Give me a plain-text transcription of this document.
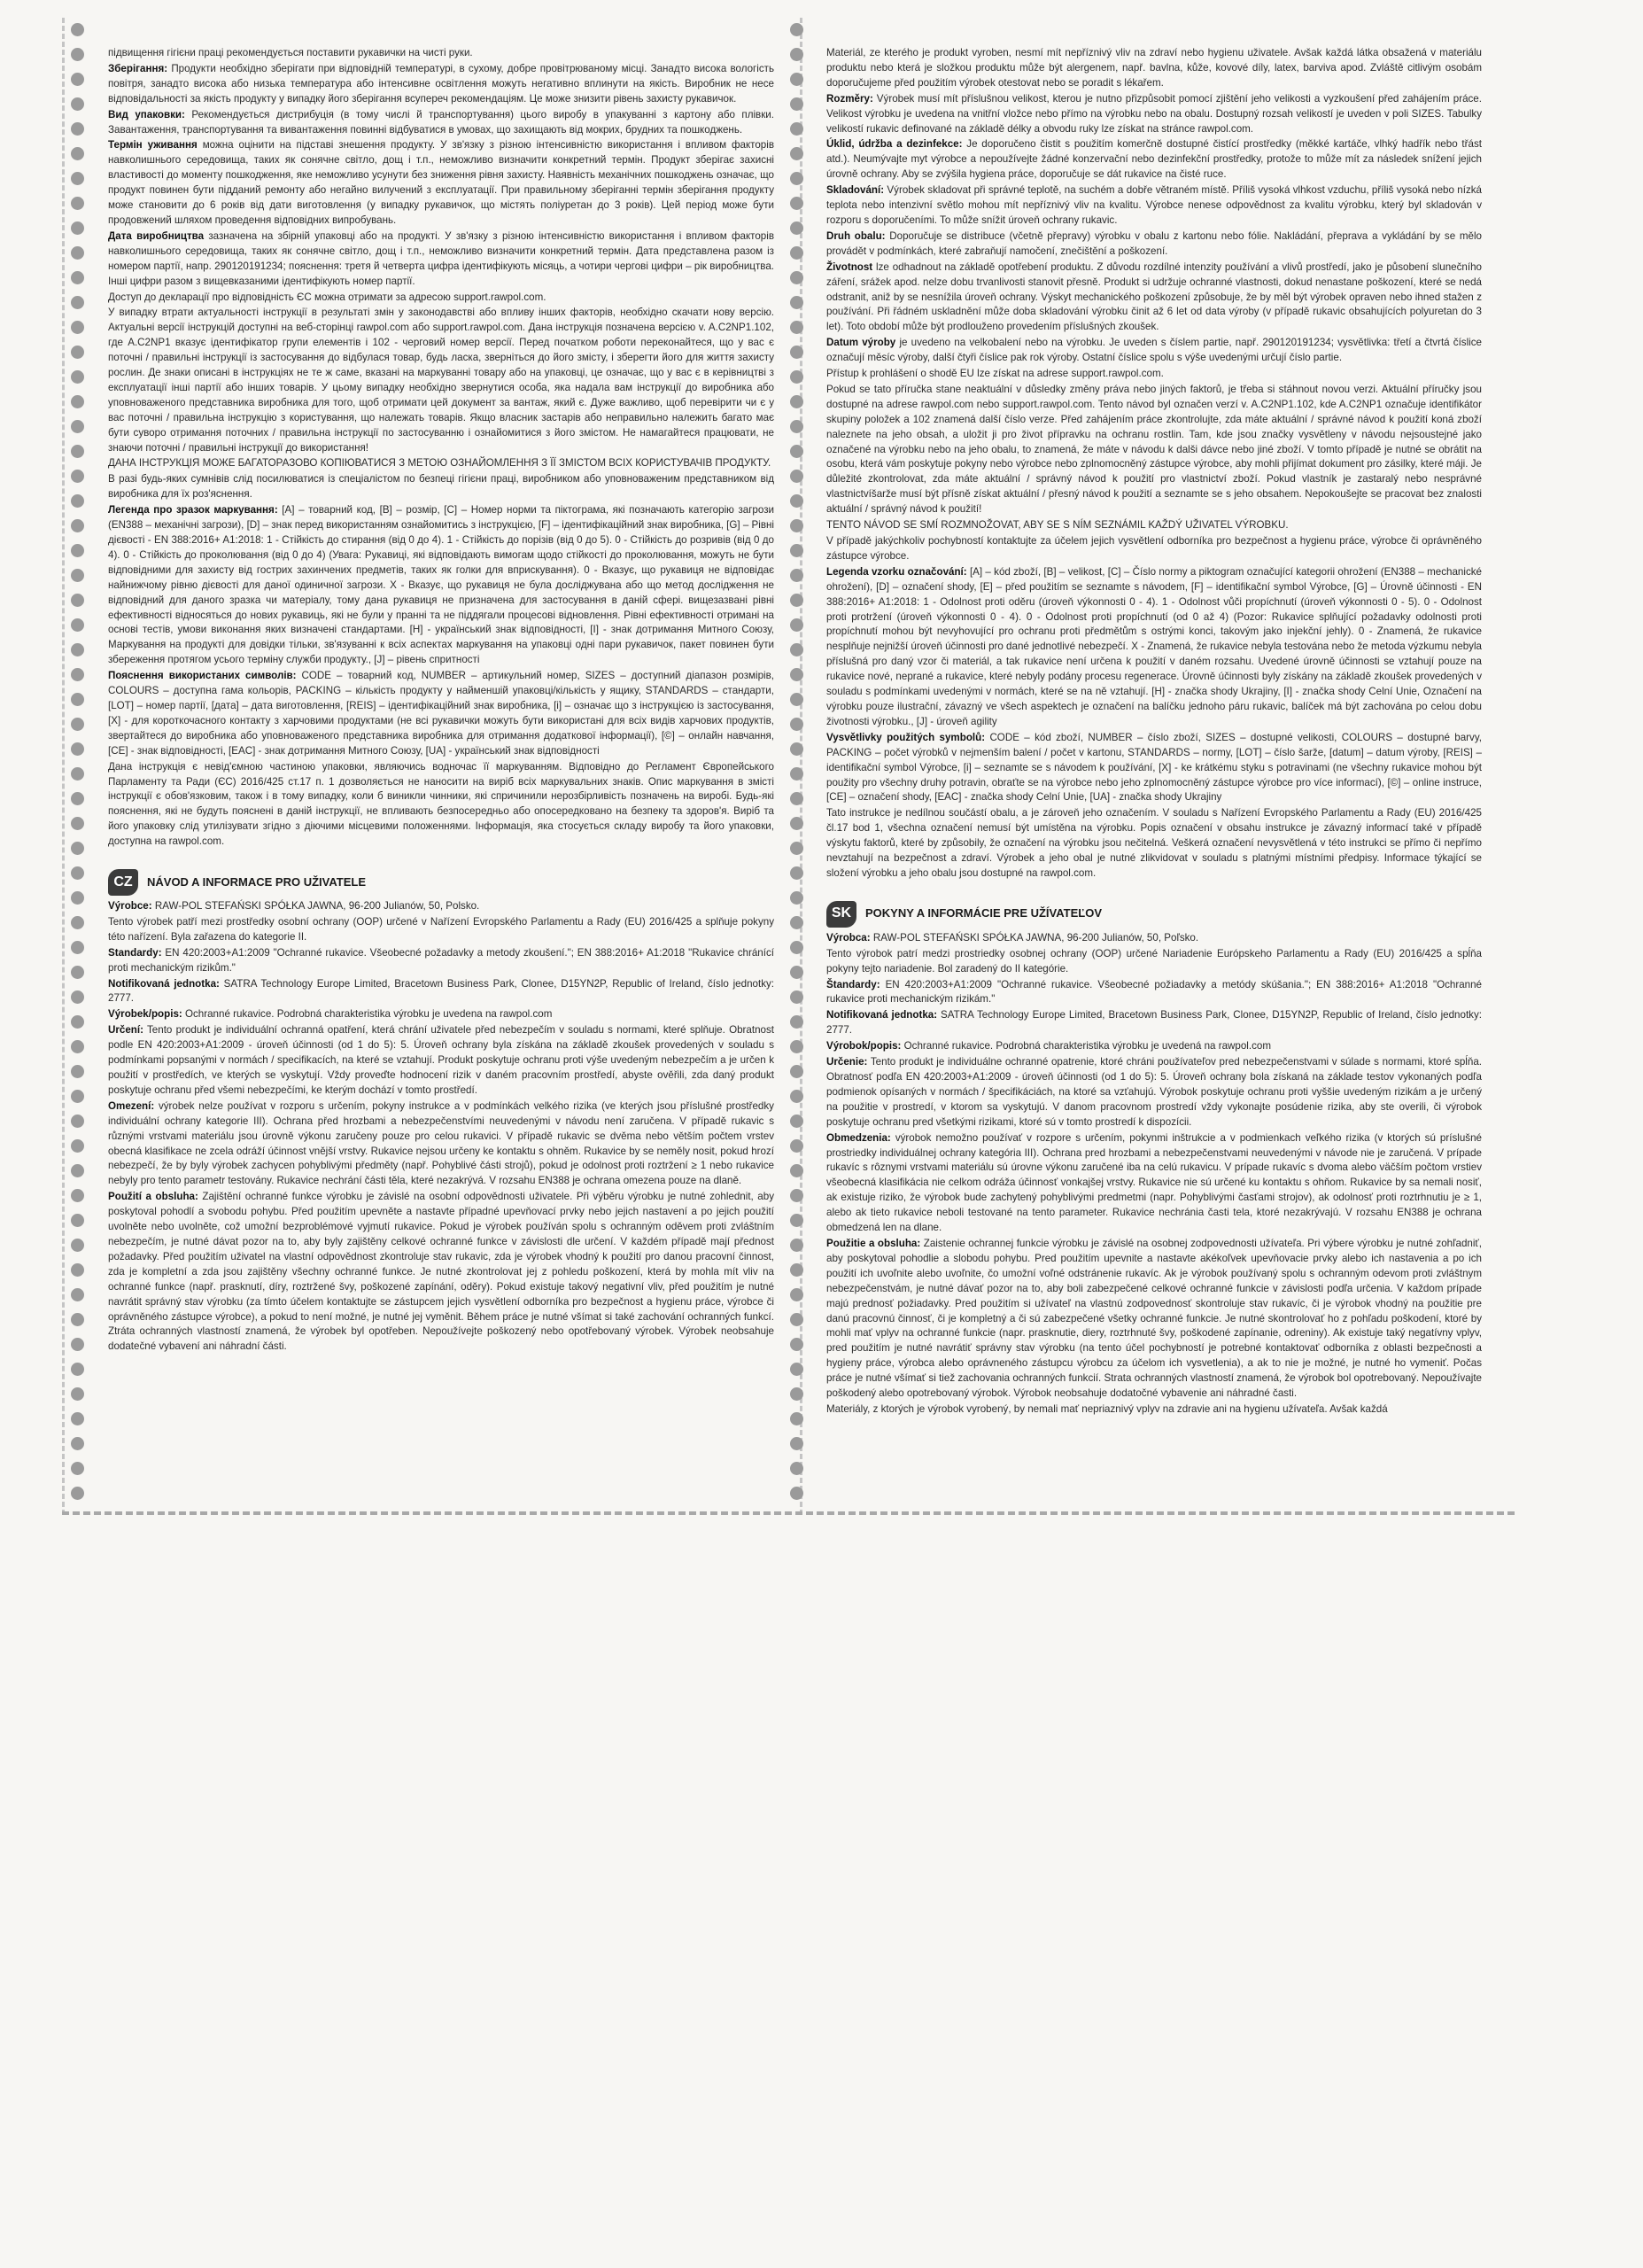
підвищення гігієни праці рекомендується поставити рукавички на чисті руки.

Зберігання: Продукти необхідно зберігати при відповідній температурі, в сухому, добре провітрюваному місці. Занадто висока вологість повітря, занадто висока або низька температура або інтенсивне освітлення можуть негативно вплинути на якість. Виробник не несе відповідальності за якість продукту у випадку його зберігання всупереч рекомендаціям. Це може знизити рівень захисту рукавичок.

Вид упаковки: Рекомендується дистрибуція (в тому числі й транспортування) цього виробу в упакуванні з картону або плівки. Завантаження, транспортування та вивантаження повинні відбуватися в умовах, що захищають від мокрих, брудних та пошкоджень.

Термін уживання можна оцінити на підставі знешення продукту. У зв'язку з різною інтенсивністю використання і впливом факторів навколишнього середовища, таких як сонячне світло, дощ і т.п., неможливо визначити конкретний термін. Продукт зберігає захисні властивості до моменту пошкодження, яке неможливо усунути без зниження рівня захисту. Наявність механічних пошкоджень означає, що продукт повинен бути підданий ремонту або негайно вилучений з експлуатації. При правильному зберіганні термін зберігання продукту може становити до 6 років від дати виготовлення (у випадку рукавичок, що містять поліуретан до 3 років). Цей період може бути продовжений шляхом проведення відповідних випробувань.

Дата виробництва зазначена на збірній упаковці або на продукті. У зв'язку з різною інтенсивністю використання і впливом факторів навколишнього середовища, таких як сонячне світло, дощ і т.п., неможливо визначити конкретний термін. Дата представлена разом із номером партії, напр. 290120191234; пояснення: третя й четверта цифра ідентифікують місяць, а чотири чергові цифри – рік виробництва. Інші цифри разом з вищевказаними ідентифікують номер партії.

Доступ до декларації про відповідність ЄС можна отримати за адресою support.rawpol.com.

У випадку втрати актуальності інструкції в результаті змін у законодавстві або впливу інших факторів, необхідно скачати нову версію. Актуальні версії інструкцій доступні на веб-сторінці rawpol.com або support.rawpol.com. Дана інструкція позначена версією v. A.C2NP1.102, где A.C2NP1 вказує ідентифікатор групи елементів і 102 - черговий номер версії. Перед початком роботи переконайтеся, що у вас є поточні / правильні інструкції із застосування до відбулася товар, будь ласка, зверніться до його змісту, і зберегти його для життя захисту рослин. Де знаки описані в інструкціях не те ж саме, вказані на маркуванні товару або на упаковці, це означає, що у вас є в керівництві з експлуатації інші партії або інших товарів. У цьому випадку необхідно звернутися особа, яка надала вам інструкції до виробника або уповноваженого представника виробника для того, щоб отримати цей документ за вантаж, який є. Дуже важливо, щоб перевірити чи є у вас поточні / правильна інструкцію з користування, що належать товарів. Якщо власник застарів або неправильно належить багато має бути суворо отримання поточних / правильна інструкції по застосуванню і ознайомитися з його змістом. Не намагайтеся працювати, не знаючи поточні / правильні інструкції до використання!

ДАНА ІНСТРУКЦІЯ МОЖЕ БАГАТОРАЗОВО КОПІЮВАТИСЯ З МЕТОЮ ОЗНАЙОМЛЕННЯ З ЇЇ ЗМІСТОМ ВСІХ КОРИСТУВАЧІВ ПРОДУКТУ.

В разі будь-яких сумнівів слід посилюватися із спеціалістом по безпеці гігієни праці, виробником або уповноваженим представником від виробника для їх роз'яснення.

Легенда про зразок маркування: [A] – товарний код, [B] – розмір, [C] – Номер норми та піктограма, які позначають категорію загрози (EN388 – механічні загрози), [D] – знак перед використанням ознайомитись з інструкцією, [F] – ідентифікаційний знак виробника, [G] – Рівні дієвості - EN 388:2016+ A1:2018: 1 - Стійкість до стирання (від 0 до 4). 1 - Стійкість до порізів (від 0 до 5). 0 - Стійкість до розривів (від 0 до 4). 0 - Стійкість до проколювання (від 0 до 4) (Увага: Рукавиці, які відповідають вимогам щодо стійкості до проколювання, можуть не бути відповідними для захисту від гострих захинчених предметів, таких як голки для вприскування). 0 - Вказує, що рукавиця не відповідає найнижчому рівню дієвості для даної одиничної загрози. X - Вказує, що рукавиця не була досліджувана або що метод дослідження не відповідний для даного зразка чи матеріалу, тому дана рукавиця не призначена для застосування в даній сфері. вищезазвані рівні ефективності відносяться до нових рукавиць, які не були у пранні та не піддягали процесові відновлення. Рівні ефективності отримані на основі тестів, умови виконання яких визначені стандартами. [H] - український знак відповідності, [I] - знак дотримання Митного Союзу, Маркування на продукті для довідки тільки, зв'язуванні к всіх аспектах маркування на упаковці одні пари рукавичок, пакет повинен бути збереження протягом усього терміну служби продукту., [J] – рівень спритності

Пояснення використаних символів: CODE – товарний код, NUMBER – артикульний номер, SIZES – доступний діапазон розмірів, COLOURS – доступна гама кольорів, PACKING – кількість продукту у найменшій упаковці/кількість у ящику, STANDARDS – стандарти, [LOT] – номер партії, [дата] – дата виготовлення, [REIS] – ідентифікаційний знак виробника, [i] – означає що з інструкцією із застосування, [X] - для короткочасного контакту з харчовими продуктами (не всі рукавички можуть бути використані для всіх видів харчових продуктів, звертайтеся до виробника або уповноваженого представника виробника для отримання додаткової інформації), [©] – онлайн навчання, [CE] - знак відповідності, [EAC] - знак дотримання Митного Союзу, [UA] - український знак відповідності

Дана інструкція є невід'ємною частиною упаковки, являючись водночас її маркуванням. Відповідно до Регламент Європейського Парламенту та Ради (ЄС) 2016/425 ст.17 п. 1 дозволяється не наносити на виріб всіх маркувальних знаків. Опис маркування в змісті інструкції є обов'язковим, також і в тому випадку, коли б виникли чинники, які спричинили нерозбірливість позначень на виробі. Будь-які пояснення, які не будуть пояснені в даній інструкції, не впливають безпосередньо або опосередковано на безпеку та здоров'я. Виріб та його упаковку слід утилізувати згідно з діючими місцевими положеннями. Інформація, яка стосується складу виробу та його упаковки, доступна на rawpol.com.

CZ	NÁVOD A INFORMACE PRO UŽIVATELE

Výrobce: RAW-POL STEFAŃSKI SPÓŁKA JAWNA, 96-200 Julianów, 50, Polsko.

Tento výrobek patří mezi prostředky osobní ochrany (OOP) určené v Nařízení Evropského Parlamentu a Rady (EU) 2016/425 a splňuje pokyny této nařízení. Byla zařazena do kategorie II.

Standardy: EN 420:2003+A1:2009 "Ochranné rukavice. Všeobecné požadavky a metody zkoušení."; EN 388:2016+ A1:2018 "Rukavice chránící proti mechanickým rizikům."

Notifikovaná jednotka: SATRA Technology Europe Limited, Bracetown Business Park, Clonee, D15YN2P, Republic of Ireland, číslo jednotky: 2777.

Výrobek/popis: Ochranné rukavice. Podrobná charakteristika výrobku je uvedena na rawpol.com

Určení: Tento produkt je individuální ochranná opatření, která chrání uživatele před nebezpečím v souladu s normami, které splňuje. Obratnost podle EN 420:2003+A1:2009 - úroveň účinnosti (od 1 do 5): 5. Úroveň ochrany byla získána na základě zkoušek provedených v souladu s podmínkami popsanými v normách / specifikacích, na které se vztahují. Produkt poskytuje ochranu proti výše uvedeným nebezpečím a je určen k použití v prostředích, ve kterých se vyskytují. Vždy proveďte hodnocení rizik v daném pracovním prostředí, abyste ověřili, zda daný produkt poskytuje ochranu před všemi nebezpečími, ke kterým dochází v tomto prostředí.

Omezení: výrobek nelze používat v rozporu s určením, pokyny instrukce a v podmínkách velkého rizika (ve kterých jsou příslušné prostředky individuální ochrany kategorie III). Ochrana před hrozbami a nebezpečenstvími neuvedenými v návodu není zaručena. V případě rukavic s různými vrstvami materiálu jsou úrovně výkonu zaručeny pouze pro celou rukavici. V případě rukavic se dvěma nebo větším počtem vrstev obecná klasifikace ne zcela odráží účinnost vnější vrstvy. Rukavice nejsou určeny ke kontaktu s ohněm. Rukavice by se neměly nosit, pokud hrozí nebezpečí, že by byly výrobek zachycen pohyblivými předměty (např. Pohyblivé části strojů), pokud je odolnost proti roztržení ≥ 1 nebo rukavice nebyly pro tento parametr testovány. Rukavice nechrání části těla, které nezakrývá. V rozsahu EN388 je ochrana omezena pouze na dlaně.

Použití a obsluha: Zajištění ochranné funkce výrobku je závislé na osobní odpovědnosti uživatele. Při výběru výrobku je nutné zohlednit, aby poskytoval pohodlí a svobodu pohybu. Před použitím upevněte a nastavte případné upevňovací prvky nebo jejich nastavení a po jejich použití uvolněte nebo uvolněte, což umožní bezproblémové vyjmutí rukavice. Pokud je výrobek používán spolu s ochranným oděvem proti zvláštním nebezpečím, je nutné dávat pozor na to, aby byly zajištěny celkové ochranné funkce v závislosti dle určení. V každém případě mají přednost požadavky. Před použitím uživatel na vlastní odpovědnost zkontroluje stav rukavic, zda je výrobek vhodný k použití pro danou pracovní činnost, zda je kompletní a zda jsou zajištěny všechny ochranné funkce. Je nutné zkontrolovat jej z pohledu poškození, která by mohla mít vliv na ochranné funkce (např. prasknutí, díry, roztržené švy, poškozené zapínání, oděry). Pokud existuje takový negativní vliv, před použitím je nutné navrátit správný stav výrobku (za tímto účelem kontaktujte se zástupcem jejich vysvětlení odborníka pro bezpečnost a hygienu práce, výrobce či oprávněného zástupce výrobce), a pokud to není možné, je nutné jej vyměnit. Během práce je nutné všímat si také zachování ochranných funkcí. Ztráta ochranných vlastností znamená, že výrobek byl opotřeben. Nepoužívejte poškozený nebo opotřebovaný výrobek. Výrobek neobsahuje dodatečné vybavení ani náhradní části.

Materiál, ze kterého je produkt vyroben, nesmí mít nepříznivý vliv na zdraví nebo hygienu uživatele. Avšak každá látka obsažená v materiálu produktu nebo která je složkou produktu může být alergenem, např. bavlna, kůže, kovové díly, latex, barviva apod. Zvláště citlivým osobám doporučujeme před použitím výrobek otestovat nebo se poradit s lékařem.

Rozměry: Výrobek musí mít příslušnou velikost, kterou je nutno přizpůsobit pomocí zjištění jeho velikosti a vyzkoušení před zahájením práce. Velikost výrobku je uvedena na vnitřní vložce nebo přímo na výrobku nebo na obalu. Dostupný rozsah velikostí je uveden v poli SIZES. Tabulky velikostí rukavic definované na základě délky a obvodu ruky lze získat na stránce rawpol.com.

Úklid, údržba a dezinfekce: Je doporučeno čistit s použitím komerčně dostupné čistící prostředky (měkké kartáče, vlhký hadřík nebo třást atd.). Neumývajte myt výrobce a nepoužívejte žádné konzervační nebo dezinfekční prostředky, protože to může mít za následek snížení jejich úrovně ochrany. Aby se zvýšila hygiena práce, doporučuje se dát rukavice na čisté ruce.

Skladování: Výrobek skladovat při správné teplotě, na suchém a dobře větraném místě. Příliš vysoká vlhkost vzduchu, příliš vysoká nebo nízká teplota nebo intenzivní světlo mohou mít nepříznivý vliv na kvalitu. Výrobce nenese odpovědnost za kvalitu výrobku, který byl skladován v rozporu s doporučeními. To může snížit úroveň ochrany rukavic.

Druh obalu: Doporučuje se distribuce (včetně přepravy) výrobku v obalu z kartonu nebo fólie. Nakládání, přeprava a vykládání by se mělo provádět v podmínkách, které zabraňují namočení, znečištění a poškození.

Životnost lze odhadnout na základě opotřebení produktu. Z důvodu rozdílné intenzity používání a vlivů prostředí, jako je působení slunečního záření, srážek apod. nelze dobu trvanlivosti stanovit přesně. Produkt si udržuje ochranné vlastnosti, dokud nenastane poškození, které se nedá odstranit, aniž by se nesnížila úroveň ochrany. Výskyt mechanického poškození způsobuje, že by měl být výrobek opraven nebo ihned stažen z používání. Při řádném uskladnění může doba skladování výrobku činit až 6 let od data výroby (v případě rukavic obsahujících polyuretan do 3 let). Toto období může být prodlouženo provedením příslušných zkoušek.

Datum výroby je uvedeno na velkobalení nebo na výrobku. Je uveden s číslem partie, např. 290120191234; vysvětlivka: třetí a čtvrtá číslice označují měsíc výroby, další čtyři číslice pak rok výroby. Ostatní číslice spolu s výše uvedenými určují číslo partie.

Přístup k prohlášení o shodě EU lze získat na adrese support.rawpol.com.

Pokud se tato příručka stane neaktuální v důsledky změny práva nebo jiných faktorů, je třeba si stáhnout novou verzi. Aktuální příručky jsou dostupné na adrese rawpol.com nebo support.rawpol.com. Tento návod byl označen verzí v. A.C2NP1.102, kde A.C2NP1 označuje identifikátor skupiny položek a 102 znamená další číslo verze. Před zahájením práce zkontrolujte, zda máte aktuální / správné návod k použití koná zboží naleznete na jeho obsah, a uložit ji pro život přípravku na ochranu rostlin. Tam, kde jsou značky vysvětleny v návodu nejsoustejné jako označené na výrobku nebo na jeho obalu, to znamená, že máte v návodu k dalši dávce nebo jiné zboží. V tomto případě je nutné se obrátit na osobu, která vám poskytuje pokyny nebo výrobce nebo zplnomocněný zástupce výrobce, aby mohli přijímat dokument pro zásilky, které máji. Je důležité zkontrolovat, zda máte aktuální / správný návod k použití pro vlastnictví zboží. Pokud vlastník je zastaralý nebo nesprávné vlastnictvíšarže musí být přísně získat aktuální / přesný návod k použití a seznamte se s jeho obsahem. Nepokoušejte se pracovat bez znalosti aktuální / správný návod k použití!

TENTO NÁVOD SE SMÍ ROZMNOŽOVAT, ABY SE S NÍM SEZNÁMIL KAŽDÝ UŽIVATEL VÝROBKU.

V případě jakýchkoliv pochybností kontaktujte za účelem jejich vysvětlení odborníka pro bezpečnost a hygienu práce, výrobce či oprávněného zástupce výrobce.

Legenda vzorku označování: [A] – kód zboží, [B] – velikost, [C] – Číslo normy a piktogram označující kategorii ohrožení (EN388 – mechanické ohrožení), [D] – označení shody, [E] – před použitím se seznamte s návodem, [F] – identifikační symbol Výrobce, [G] – Úrovně účinnosti - EN 388:2016+ A1:2018: 1 - Odolnost proti oděru (úroveň výkonnosti 0 - 4). 1 - Odolnost vůči propíchnutí (úroveň výkonnosti 0 - 5). 0 - Odolnost proti protržení (úroveň výkonnosti 0 - 4). 0 - Odolnost proti propíchnutí (od 0 až 4) (Pozor: Rukavice splňující požadavky odolnosti proti propíchnutí mohou být nevyhovující pro ochranu proti předmětům s ostrými konci, takovým jako injekční jehly). 0 - Znamená, že rukavice nesplňuje nejnižší úroveň účinnosti pro dané jednotlivé nebezpečí. X - Znamená, že rukavice nebyla testována nebo že metoda výzkumu nebyla příslušná pro daný vzor či materiál, a tak rukavice není určena k použití v daném rozsahu. Uvedené úrovně účinnosti se vztahují pouze na rukavice nové, neprané a rukavice, které nebyly podány procesu regenerace. Úrovně účinnosti byly získány na základě zkoušek provedených v souladu s podmínkami uvedenými v normách, které se na ně vztahují. [H] - značka shody Ukrajiny, [I] - značka shody Celní Unie, Označení na výrobku pouze ilustrační, závazný ve všech aspektech je označení na balíčku jednoho páru rukavic, balíček má být zachována po celou dobu životnosti výrobku., [J] - úroveň agility

Vysvětlivky použitých symbolů: CODE – kód zboží, NUMBER – číslo zboží, SIZES – dostupné velikosti, COLOURS – dostupné barvy, PACKING – počet výrobků v nejmenším balení / počet v kartonu, STANDARDS – normy, [LOT] – číslo šarže, [datum] – datum výroby, [REIS] – identifikační symbol Výrobce, [i] – seznamte se s návodem k používání, [X] - ke krátkému styku s potravinami (ne všechny rukavice mohou být použity pro všechny druhy potravin, obraťte se na výrobce nebo jeho zplnomocněný zástupce výrobce pro více informací), [©] – online instruce, [CE] – označení shody, [EAC] - značka shody Celní Unie, [UA] - značka shody Ukrajiny

Tato instrukce je nedílnou součástí obalu, a je zároveň jeho označením. V souladu s Nařízení Evropského Parlamentu a Rady (EU) 2016/425 čl.17 bod 1, všechna označení nemusí být umístěna na výrobku. Popis označení v obsahu instrukce je závazný informací také v případě výskytu faktorů, které by způsobily, že označení na výrobku jsou nečitelná. Veškerá označení nevysvětlená v této instrukci se přímo či nepřímo nevztahují na bezpečnost a zdraví. Výrobek a jeho obal je nutné zlikvidovat v souladu s platnými místními předpisy. Informace týkající se složení výrobku a jeho obalu jsou dostupné na rawpol.com.

SK	POKYNY A INFORMÁCIE PRE UŽÍVATEĽOV

Výrobca: RAW-POL STEFAŃSKI SPÓŁKA JAWNA, 96-200 Julianów, 50, Poľsko.

Tento výrobok patrí medzi prostriedky osobnej ochrany (OOP) určené Nariadenie Európskeho Parlamentu a Rady (EU) 2016/425 a spĺňa pokyny tejto nariadenie. Bol zaradený do II kategórie.

Štandardy: EN 420:2003+A1:2009 "Ochranné rukavice. Všeobecné požiadavky a metódy skúšania."; EN 388:2016+ A1:2018 "Ochranné rukavice proti mechanickým rizikám."

Notifikovaná jednotka: SATRA Technology Europe Limited, Bracetown Business Park, Clonee, D15YN2P, Republic of Ireland, číslo jednotky: 2777.

Výrobok/popis: Ochranné rukavice. Podrobná charakteristika výrobku je uvedená na rawpol.com

Určenie: Tento produkt je individuálne ochranné opatrenie, ktoré chráni používateľov pred nebezpečenstvami v súlade s normami, ktoré spĺňa. Obratnosť podľa EN 420:2003+A1:2009 - úroveň účinnosti (od 1 do 5): 5. Úroveň ochrany bola získaná na základe testov vykonaných podľa podmienok opísaných v normách / špecifikáciách, na ktoré sa vzťahujú. Výrobok poskytuje ochranu proti vyššie uvedeným rizikám a je určený na použitie v prostredí, v ktorom sa vyskytujú. V danom pracovnom prostredí vždy vykonajte posúdenie rizika, aby ste overili, či výrobok poskytuje ochranu pred všetkými rizikami, ktoré sú v tomto prostredí k dispozícii.

Obmedzenia: výrobok nemožno používať v rozpore s určením, pokynmi inštrukcie a v podmienkach veľkého rizika (v ktorých sú príslušné prostriedky individuálnej ochrany kategória III). Ochrana pred hrozbami a nebezpečenstvami neuvedenými v návode nie je zaručená. V prípade rukavíc s rôznymi vrstvami materiálu sú úrovne výkonu zaručené iba na celú rukavicu. V prípade rukavíc s dvoma alebo väčším počtom vrstiev všeobecná klasifikácia nie celkom odráža účinnosť vonkajšej vrstvy. Rukavice nie sú určené ku kontaktu s ohňom. Rukavice by sa nemali nosiť, ak existuje riziko, že výrobok bude zachytený pohyblivými predmetmi (napr. Pohyblivými časťami strojov), ak odolnosť proti roztrhnutiu je ≥ 1, alebo ak tieto rukavice neboli testované na tento parameter. Rukavice nechránia časti tela, ktoré nezakrývajú. V rozsahu EN388 je ochrana obmedzená len na dlane.

Použitie a obsluha: Zaistenie ochrannej funkcie výrobku je závislé na osobnej zodpovednosti užívateľa. Pri výbere výrobku je nutné zohľadniť, aby poskytoval pohodlie a slobodu pohybu. Pred použitím upevnite a nastavte akékoľvek upevňovacie prvky alebo ich nastavenia a po ich použití ich uvoľnite alebo uvoľnite, čo umožní voľné odstránenie rukavíc. Ak je výrobok používaný spolu s ochranným odevom proti zvláštnym nebezpečenstvám, je nutné dávať pozor na to, aby boli zabezpečené celkové ochranné funkcie v závislosti podľa určenia. V každom prípade majú prednosť požiadavky. Pred použitím si užívateľ na vlastnú zodpovednosť skontroluje stav rukavíc, či je výrobok vhodný na použitie pre danú pracovnú činnosť, či je kompletný a či sú zabezpečené všetky ochranné funkcie. Je nutné skontrolovať ho z pohľadu poškodení, ktoré by mohli mať vplyv na ochranné funkcie (napr. prasknutie, diery, roztrhnuté švy, poškodené zapínanie, odreniny). Ak existuje taký negatívny vplyv, pred použitím je nutné navrátiť správny stav výrobku (na tento účel pochybností je potrebné kontaktovať odborníka z oblasti bezpečnosti a hygieny práce, výrobca alebo oprávneného zástupcu výrobcu za účelom ich vysvetlenia), a ak to nie je možné, je nutné ho vymeniť. Počas práce je nutné všímať si tiež zachovania ochranných funkcií. Strata ochranných vlastností znamená, že výrobok bol opotrebovaný. Nepoužívajte poškodený alebo opotrebovaný výrobok. Výrobok neobsahuje dodatočné vybavenie ani náhradné časti.

Materiály, z ktorých je výrobok vyrobený, by nemali mať nepriaznivý vplyv na zdravie ani na hygienu užívateľa. Avšak každá
